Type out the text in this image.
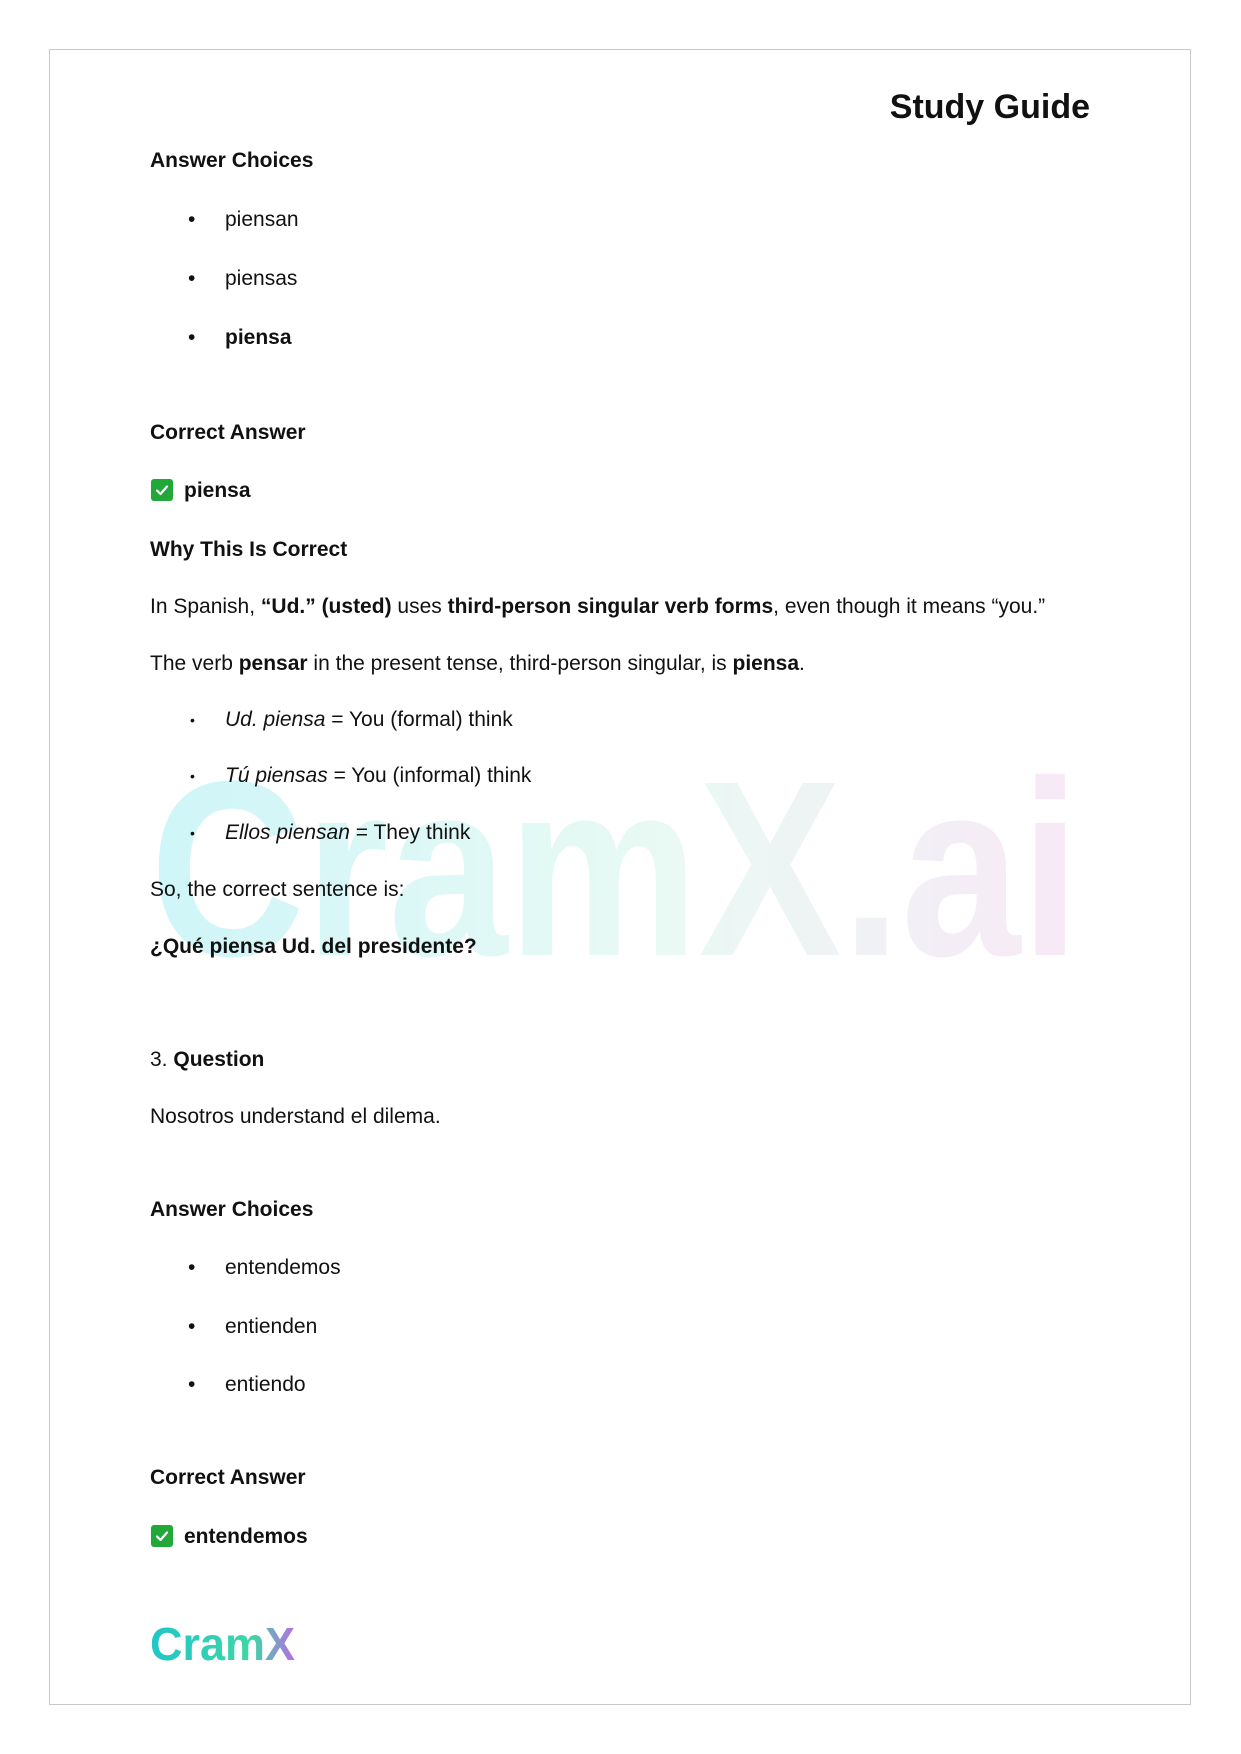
CramX.ai
Study Guide
Answer Choices
• piensan
• piensas
• piensa
Correct Answer
piensa
Why This Is Correct
In Spanish, “Ud.” (usted) uses third-person singular verb forms, even though it means “you.”
The verb pensar in the present tense, third-person singular, is piensa.
• Ud. piensa = You (formal) think
• Tú piensas = You (informal) think
• Ellos piensan = They think
So, the correct sentence is:
¿Qué piensa Ud. del presidente?
3. Question
Nosotros understand el dilema.
Answer Choices
• entendemos
• entienden
• entiendo
Correct Answer
entendemos
CramX
